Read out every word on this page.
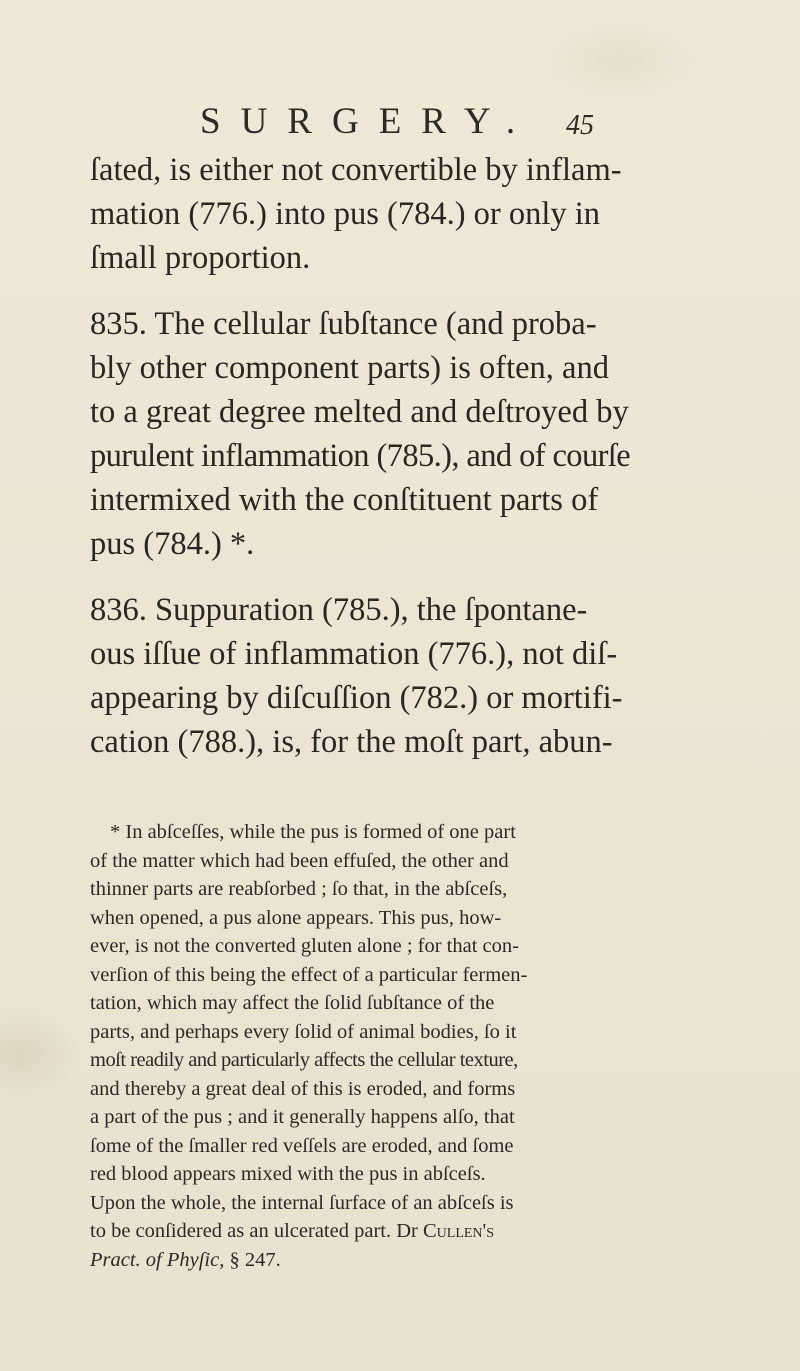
SURGERY. 45

ſated, is either not convertible by inflam-
mation (776.) into pus (784.) or only in
ſmall proportion.

835. The cellular ſubſtance (and proba-
bly other component parts) is often, and
to a great degree melted and deſtroyed by
purulent inflammation (785.), and of courſe
intermixed with the conſtituent parts of
pus (784.) *.

836. Suppuration (785.), the ſpontane-
ous iſſue of inflammation (776.), not diſ-
appearing by diſcuſſion (782.) or mortifi-
cation (788.), is, for the moſt part, abun-

* In abſceſſes, while the pus is formed of one part
of the matter which had been effuſed, the other and
thinner parts are reabſorbed ; ſo that, in the abſceſs,
when opened, a pus alone appears. This pus, how-
ever, is not the converted gluten alone ; for that con-
verſion of this being the effect of a particular fermen-
tation, which may affect the ſolid ſubſtance of the
parts, and perhaps every ſolid of animal bodies, ſo it
moſt readily and particularly affects the cellular texture,
and thereby a great deal of this is eroded, and forms
a part of the pus ; and it generally happens alſo, that
ſome of the ſmaller red veſſels are eroded, and ſome
red blood appears mixed with the pus in abſceſs.
Upon the whole, the internal ſurface of an abſceſs is
to be conſidered as an ulcerated part. Dr Cullen's
Pract. of Phyſic, § 247.
